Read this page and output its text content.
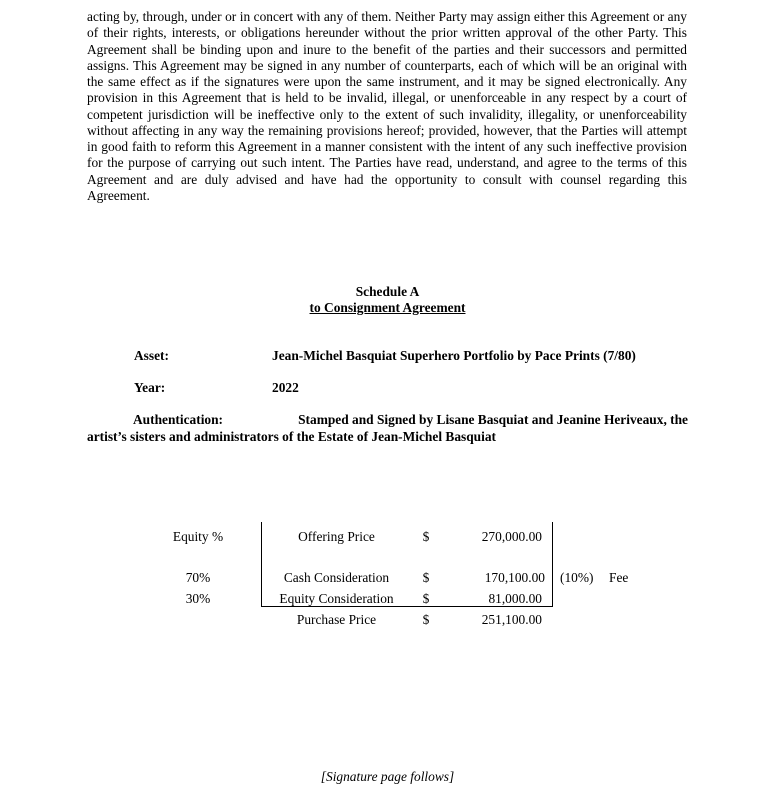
acting by, through, under or in concert with any of them. Neither Party may assign either this Agreement or any of their rights, interests, or obligations hereunder without the prior written approval of the other Party. This Agreement shall be binding upon and inure to the benefit of the parties and their successors and permitted assigns. This Agreement may be signed in any number of counterparts, each of which will be an original with the same effect as if the signatures were upon the same instrument, and it may be signed electronically. Any provision in this Agreement that is held to be invalid, illegal, or unenforceable in any respect by a court of competent jurisdiction will be ineffective only to the extent of such invalidity, illegality, or unenforceability without affecting in any way the remaining provisions hereof; provided, however, that the Parties will attempt in good faith to reform this Agreement in a manner consistent with the intent of any such ineffective provision for the purpose of carrying out such intent. The Parties have read, understand, and agree to the terms of this Agreement and are duly advised and have had the opportunity to consult with counsel regarding this Agreement.
Schedule A
to Consignment Agreement
Asset:	Jean-Michel Basquiat Superhero Portfolio by Pace Prints (7/80)
Year:	2022
Authentication:	Stamped and Signed by Lisane Basquiat and Jeanine Heriveaux, the
artist’s sisters and administrators of the Estate of Jean-Michel Basquiat
Equity %	Offering Price	$	270,000.00
70%	Cash Consideration	$	170,100.00 (10%) Fee
30%	Equity Consideration	$	81,000.00
Purchase Price	$	251,100.00
[Signature page follows]
